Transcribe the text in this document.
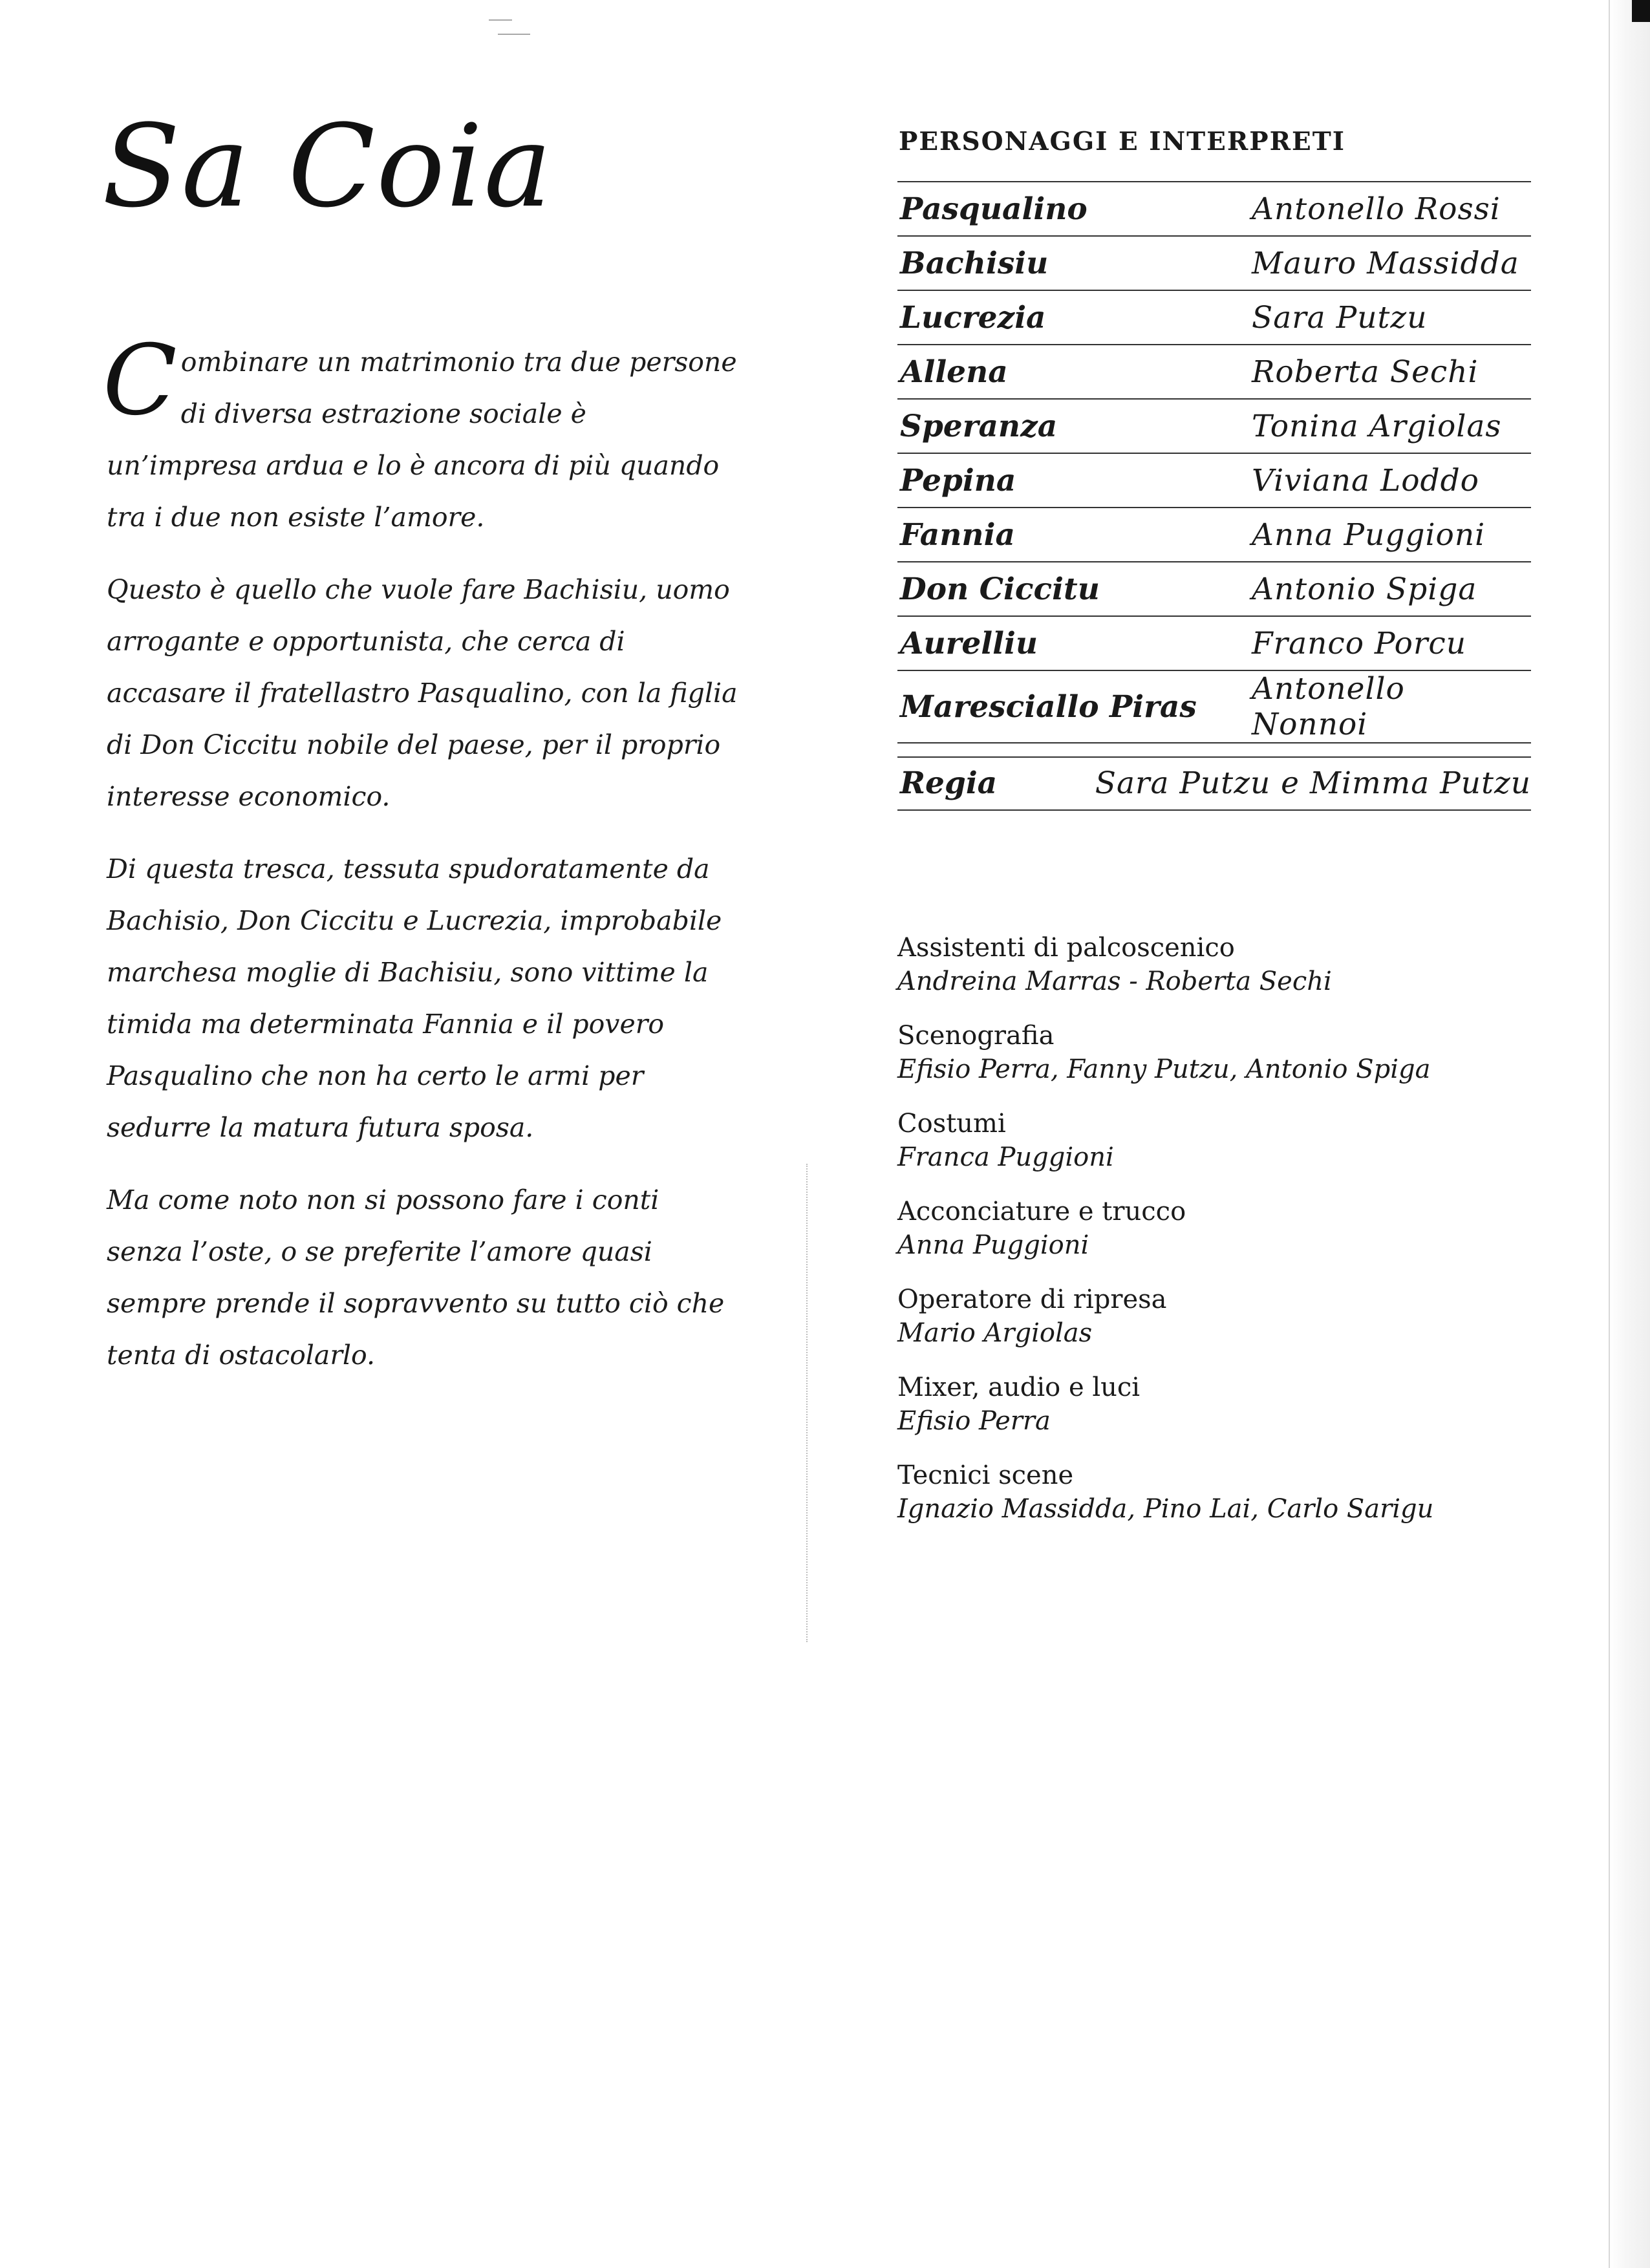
Sa Coia

Combinare un matrimonio tra due persone di diversa estrazione sociale è un’impresa ardua e lo è ancora di più quando tra i due non esiste l’amore.

Questo è quello che vuole fare Bachisiu, uomo arrogante e opportunista, che cerca di accasare il fratellastro Pasqualino, con la figlia di Don Ciccitu nobile del paese, per il proprio interesse economico.

Di questa tresca, tessuta spudoratamente da Bachisio, Don Ciccitu e Lucrezia, improbabile marchesa moglie di Bachisiu, sono vittime la timida ma determinata Fannia e il povero Pasqualino che non ha certo le armi per sedurre la matura futura sposa.

Ma come noto non si possono fare i conti senza l’oste, o se preferite l’amore quasi sempre prende il sopravvento su tutto ciò che tenta di ostacolarlo.

PERSONAGGI E INTERPRETI
Pasqualino	Antonello Rossi
Bachisiu	Mauro Massidda
Lucrezia	Sara Putzu
Allena	Roberta Sechi
Speranza	Tonina Argiolas
Pepina	Viviana Loddo
Fannia	Anna Puggioni
Don Ciccitu	Antonio Spiga
Aurelliu	Franco Porcu
Maresciallo Piras	Antonello Nonnoi
Regia	Sara Putzu e Mimma Putzu
Assistenti di palcoscenico
Andreina Marras - Roberta Sechi
Scenografia
Efisio Perra, Fanny Putzu, Antonio Spiga
Costumi
Franca Puggioni
Acconciature e trucco
Anna Puggioni
Operatore di ripresa
Mario Argiolas
Mixer, audio e luci
Efisio Perra
Tecnici scene
Ignazio Massidda, Pino Lai, Carlo Sarigu
